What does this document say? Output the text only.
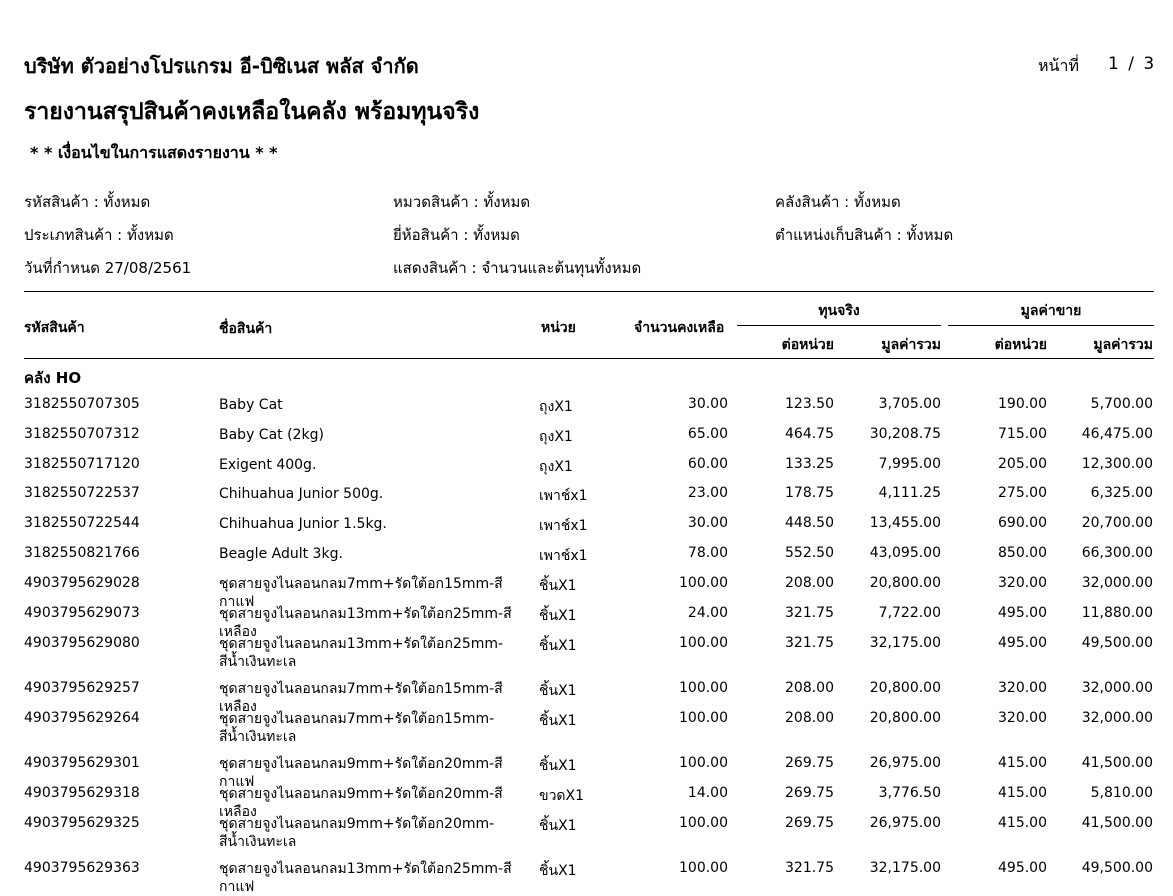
บริษัท ตัวอย่างโปรแกรม อี-บิซิเนส พลัส จำกัด	หน้าที่ 1 / 3
รายงานสรุปสินค้าคงเหลือในคลัง พร้อมทุนจริง
* * เงื่อนไขในการแสดงรายงาน * *
รหัสสินค้า : ทั้งหมด	หมวดสินค้า : ทั้งหมด	คลังสินค้า : ทั้งหมด
ประเภทสินค้า : ทั้งหมด	ยี่ห้อสินค้า : ทั้งหมด	ตำแหน่งเก็บสินค้า : ทั้งหมด
วันที่กำหนด 27/08/2561	แสดงสินค้า : จำนวนและต้นทุนทั้งหมด
รหัสสินค้า	ชื่อสินค้า	หน่วย	จำนวนคงเหลือ
ทุนจริง	มูลค่าขาย
ต่อหน่วย	มูลค่ารวม	ต่อหน่วย	มูลค่ารวม
คลัง HO
3182550707305	Baby Cat	ถุงX1	30.00	123.50	3,705.00	190.00	5,700.00
3182550707312	Baby Cat (2kg)	ถุงX1	65.00	464.75	30,208.75	715.00 46,475.00
3182550717120	Exigent 400g.	ถุงX1	60.00	133.25	7,995.00	205.00 12,300.00
3182550722537	Chihuahua Junior 500g.	เพาช์x1	23.00	178.75	4,111.25	275.00	6,325.00
3182550722544	Chihuahua Junior 1.5kg.	เพาช์x1	30.00	448.50	13,455.00	690.00 20,700.00
3182550821766	Beagle Adult 3kg.	เพาช์x1	78.00	552.50	43,095.00	850.00 66,300.00
4903795629028	ชุดสายจูงไนลอนกลม7mm+รัดใต้อก15mm-สีกาแฟ
ชิ้นX1	100.00	208.00	20,800.00	320.00 32,000.00
4903795629073	ชุดสายจูงไนลอนกลม13mm+รัดใต้อก25mm-สีเหลือง
ชิ้นX1	24.00	321.75	7,722.00	495.00 11,880.00
4903795629080	ชุดสายจูงไนลอนกลม13mm+รัดใต้อก25mm-สีน้ำเงินทะเล
ชิ้นX1	100.00	321.75	32,175.00	495.00 49,500.00
4903795629257	ชุดสายจูงไนลอนกลม7mm+รัดใต้อก15mm-สีเหลือง
ชิ้นX1	100.00	208.00	20,800.00	320.00 32,000.00
4903795629264	ชุดสายจูงไนลอนกลม7mm+รัดใต้อก15mm-สีน้ำเงินทะเล
ชิ้นX1	100.00	208.00	20,800.00	320.00 32,000.00
4903795629301	ชุดสายจูงไนลอนกลม9mm+รัดใต้อก20mm-สีกาแฟ
ชิ้นX1	100.00	269.75	26,975.00	415.00 41,500.00
4903795629318	ชุดสายจูงไนลอนกลม9mm+รัดใต้อก20mm-สีเหลือง
ขวดX1	14.00	269.75	3,776.50	415.00	5,810.00
4903795629325	ชุดสายจูงไนลอนกลม9mm+รัดใต้อก20mm-สีน้ำเงินทะเล
ชิ้นX1	100.00	269.75	26,975.00	415.00 41,500.00
4903795629363	ชุดสายจูงไนลอนกลม13mm+รัดใต้อก25mm-สีกาแฟ
ชิ้นX1	100.00	321.75	32,175.00	495.00 49,500.00
